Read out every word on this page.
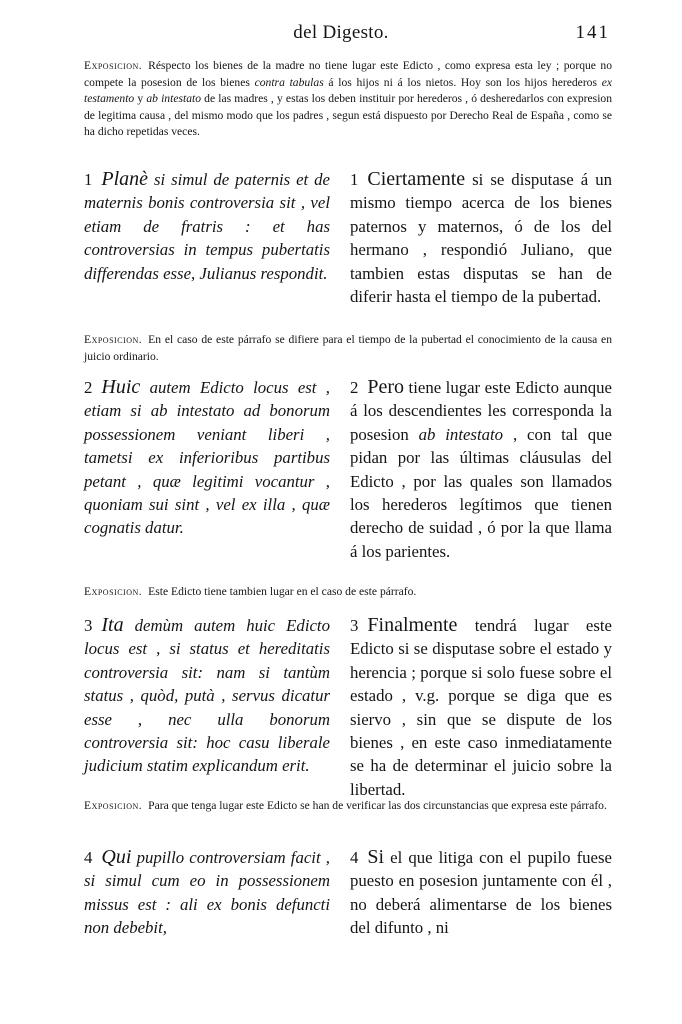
del Digesto.	141
Exposicion. Réspecto los bienes de la madre no tiene lugar este Edicto , como expresa esta ley ; porque no compete la posesion de los bienes contra tabulas á los hijos ni á los nietos. Hoy son los hijos herederos ex testamento y ab intestato de las madres , y estas los deben instituir por herederos , ó desheredarlos con expresion de legitima causa , del mismo modo que los padres , segun está dispuesto por Derecho Real de España , como se ha dicho repetidas veces.
1 Planè si simul de paternis et de maternis bonis controversia sit , vel etiam de fratris : et has controversias in tempus pubertatis differendas esse, Julianus respondit.
1 Ciertamente si se disputase á un mismo tiempo acerca de los bienes paternos y maternos, ó de los del hermano , respondió Juliano, que tambien estas disputas se han de diferir hasta el tiempo de la pubertad.
Exposicion. En el caso de este párrafo se difiere para el tiempo de la pubertad el conocimiento de la causa en juicio ordinario.
2 Huic autem Edicto locus est , etiam si ab intestato ad bonorum possessionem veniant liberi , tametsi ex inferioribus partibus petant , quæ legitimi vocantur , quoniam sui sint , vel ex illa , quæ cognatis datur.
2 Pero tiene lugar este Edicto aunque á los descendientes les corresponda la posesion ab intestato , con tal que pidan por las últimas cláusulas del Edicto , por las quales son llamados los herederos legítimos que tienen derecho de suidad , ó por la que llama á los parientes.
Exposicion. Este Edicto tiene tambien lugar en el caso de este párrafo.
3 Ita demùm autem huic Edicto locus est , si status et hereditatis controversia sit: nam si tantùm status , quòd, putà , servus dicatur esse , nec ulla bonorum controversia sit: hoc casu liberale judicium statim explicandum erit.
3 Finalmente tendrá lugar este Edicto si se disputase sobre el estado y herencia ; porque si solo fuese sobre el estado , v.g. porque se diga que es siervo , sin que se dispute de los bienes , en este caso inmediatamente se ha de determinar el juicio sobre la libertad.
Exposicion. Para que tenga lugar este Edicto se han de verificar las dos circunstancias que expresa este párrafo.
4 Qui pupillo controversiam facit , si simul cum eo in possessionem missus est : ali ex bonis defuncti non debebit,
4 Si el que litiga con el pupilo fuese puesto en posesion juntamente con él , no deberá alimentarse de los bienes del difunto , ni
